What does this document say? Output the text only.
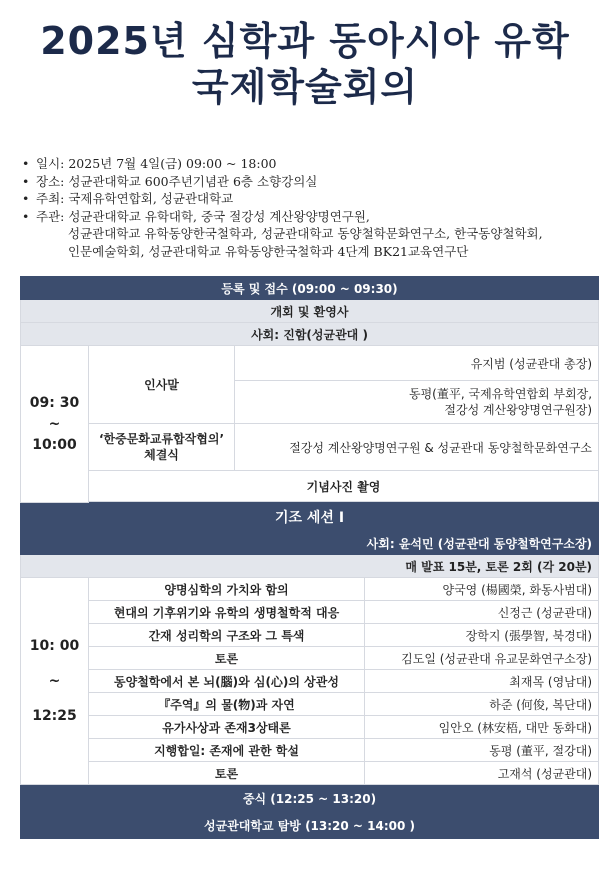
2025년 심학과 동아시아 유학
국제학술회의
• 일시: 2025년 7월 4일(금) 09:00 ~ 18:00
• 장소: 성균관대학교 600주년기념관 6층 소향강의실
• 주최: 국제유학연합회, 성균관대학교
• 주관: 성균관대학교 유학대학, 중국 절강성 계산왕양명연구원,
성균관대학교 유학동양한국철학과, 성균관대학교 동양철학문화연구소, 한국동양철학회,
인문예술학회, 성균관대학교 유학동양한국철학과 4단계 BK21교육연구단
등록 및 접수 (09:00 ~ 09:30)			
개회 및 환영사			
사회: 진함(성균관대 )			

09: 30
~
10:00	인사말	유지범 (성균관대 총장)	

		동평(董平, 국제유학연합회 부회장,
절강성 계산왕양명연구원장)	

	‘한중문화교류합작협의’
체결식	절강성 계산왕양명연구원 & 성균관대 동양철학문화연구소	
	기념사진 촬영		

기조 세션 I			
사회: 윤석민 (성균관대 동양철학연구소장)			
매 발표 15분, 토론 2회 (각 20분)			

10: 00
~
12:25	양명심학의 가치와 함의		양국영 (楊國榮, 화동사범대)
	현대의 기후위기와 유학의 생명철학적 대응		신정근 (성균관대)
	간재 성리학의 구조와 그 특색		장학지 (張學智, 북경대)
	토론		김도일 (성균관대 유교문화연구소장)
	동양철학에서 본 뇌(腦)와 심(心)의 상관성		최재목 (영남대)
	『주역』의 물(物)과 자연		하준 (何俊, 복단대)
	유가사상과 존재3상태론		임안오 (林安梧, 대만 동화대)
	지행합일: 존재에 관한 학설		동평 (董平, 절강대)
	토론		고재석 (성균관대)
중식 (12:25 ~ 13:20)			
성균관대학교 탐방 (13:20 ~ 14:00 )			
